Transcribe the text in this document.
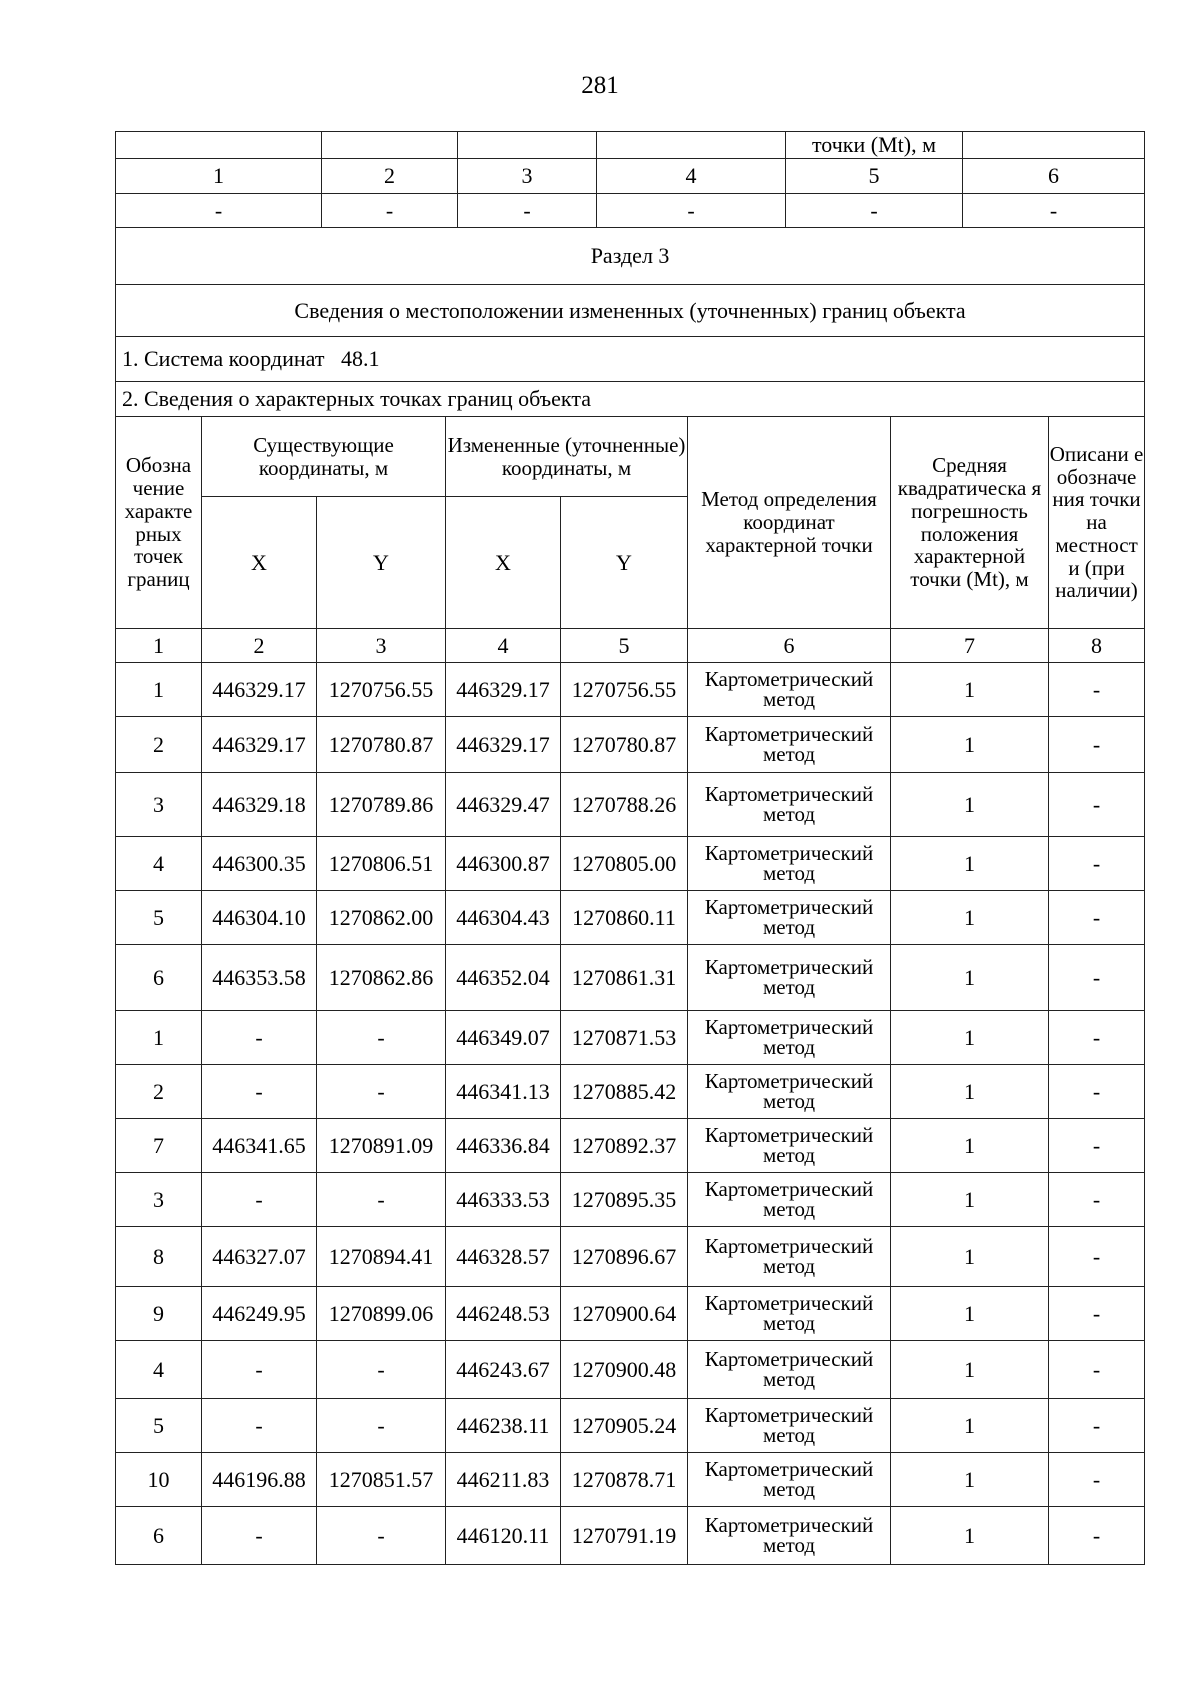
281
				точки (Mt), м	
1	2	3	4	5	6
-	-	-	-	-	-
Раздел 3							
Сведения о местоположении измененных (уточненных) границ объекта							
1. Система координат 48.1							
2. Сведения о характерных точках границ объекта							
Обозна чение характе рных точек границ	Существующие координаты, м		Измененные (уточненные) координаты, м		Метод определения координат характерной точки	Средняя квадратическа я погрешность положения характерной точки (Mt), м	Описани е обозначе ния точки на местност и (при наличии)
	X	Y	X	Y			
1	2	3	4	5	6	7	8
1	446329.17	1270756.55	446329.17	1270756.55	Картометрический метод	1	-
2	446329.17	1270780.87	446329.17	1270780.87	Картометрический метод	1	-
3	446329.18	1270789.86	446329.47	1270788.26	Картометрический метод	1	-
4	446300.35	1270806.51	446300.87	1270805.00	Картометрический метод	1	-
5	446304.10	1270862.00	446304.43	1270860.11	Картометрический метод	1	-
6	446353.58	1270862.86	446352.04	1270861.31	Картометрический метод	1	-
1	-	-	446349.07	1270871.53	Картометрический метод	1	-
2	-	-	446341.13	1270885.42	Картометрический метод	1	-
7	446341.65	1270891.09	446336.84	1270892.37	Картометрический метод	1	-
3	-	-	446333.53	1270895.35	Картометрический метод	1	-
8	446327.07	1270894.41	446328.57	1270896.67	Картометрический метод	1	-
9	446249.95	1270899.06	446248.53	1270900.64	Картометрический метод	1	-
4	-	-	446243.67	1270900.48	Картометрический метод	1	-
5	-	-	446238.11	1270905.24	Картометрический метод	1	-
10	446196.88	1270851.57	446211.83	1270878.71	Картометрический метод	1	-
6	-	-	446120.11	1270791.19	Картометрический метод	1	-
